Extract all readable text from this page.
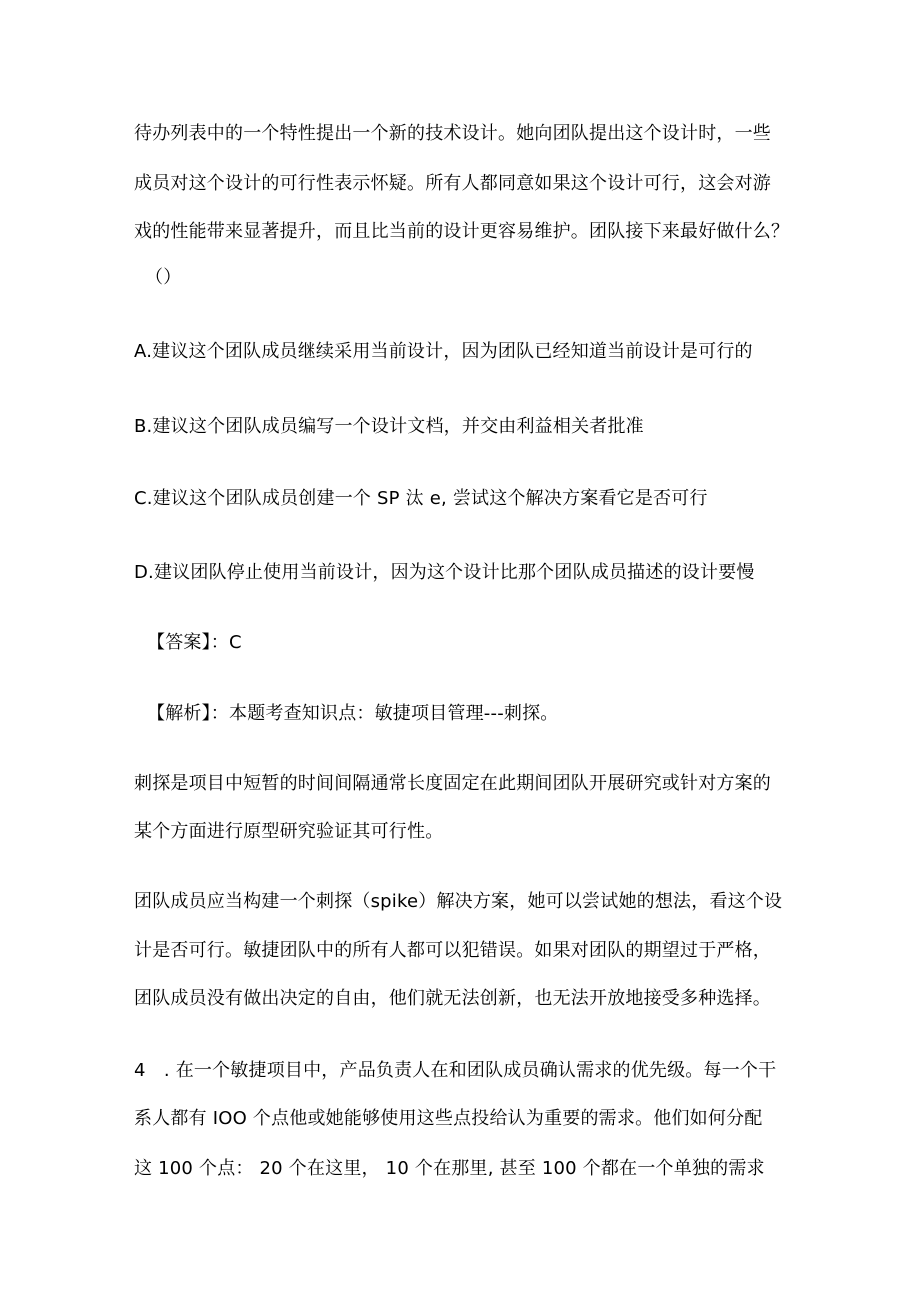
待办列表中的一个特性提出一个新的技术设计。她向团队提出这个设计时，一些
成员对这个设计的可行性表示怀疑。所有人都同意如果这个设计可行，这会对游
戏的性能带来显著提升，而且比当前的设计更容易维护。团队接下来最好做什么？
（）
A.建议这个团队成员继续采用当前设计，因为团队已经知道当前设计是可行的
B.建议这个团队成员编写一个设计文档，并交由利益相关者批准
C.建议这个团队成员创建一个 SP 汰 e, 尝试这个解决方案看它是否可行
D.建议团队停止使用当前设计，因为这个设计比那个团队成员描述的设计要慢
【答案】：C
【解析】：本题考查知识点：敏捷项目管理---刺探。
刺探是项目中短暂的时间间隔通常长度固定在此期间团队开展研究或针对方案的
某个方面进行原型研究验证其可行性。
团队成员应当构建一个刺探（spike）解决方案，她可以尝试她的想法，看这个设
计是否可行。敏捷团队中的所有人都可以犯错误。如果对团队的期望过于严格，
团队成员没有做出决定的自由，他们就无法创新，也无法开放地接受多种选择。
4　. 在一个敏捷项目中，产品负责人在和团队成员确认需求的优先级。每一个干
系人都有 IOO 个点他或她能够使用这些点投给认为重要的需求。他们如何分配
这 100 个点： 20 个在这里， 10 个在那里, 甚至 100 个都在一个单独的需求
